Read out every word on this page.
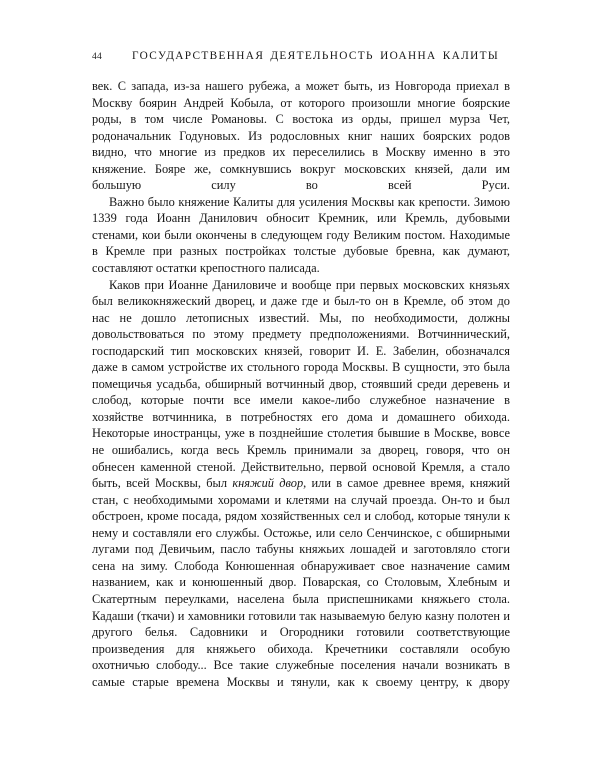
44	ГОСУДАРСТВЕННАЯ ДЕЯТЕЛЬНОСТЬ ИОАННА КАЛИТЫ

век. С запада, из-за нашего рубежа, а может быть, из Новгорода приехал в Москву боярин Андрей Кобыла, от которого произошли многие боярские роды, в том числе Романовы. С востока из орды, пришел мурза Чет, родоначальник Годуновых. Из родословных книг наших боярских родов видно, что многие из предков их переселились в Москву именно в это княжение. Бояре же, сомкнувшись вокруг московских князей, дали им большую силу во всей Руси.

Важно было княжение Калиты для усиления Москвы как крепости. Зимою 1339 года Иоанн Данилович обносит Кремник, или Кремль, дубовыми стенами, кои были окончены в следующем году Великим постом. Находимые в Кремле при разных постройках толстые дубовые бревна, как думают, составляют остатки крепостного палисада.

Каков при Иоанне Даниловиче и вообще при первых московских князьях был великокняжеский дворец, и даже где и был-то он в Кремле, об этом до нас не дошло летописных известий. Мы, по необходимости, должны довольствоваться по этому предмету предположениями. Вотчиннический, господарский тип московских князей, говорит И. Е. Забелин, обозначался даже в самом устройстве их стольного города Москвы. В сущности, это была помещичья усадьба, обширный вотчинный двор, стоявший среди деревень и слобод, которые почти все имели какое-либо служебное назначение в хозяйстве вотчинника, в потребностях его дома и домашнего обихода. Некоторые иностранцы, уже в позднейшие столетия бывшие в Москве, вовсе не ошибались, когда весь Кремль принимали за дворец, говоря, что он обнесен каменной стеной. Действительно, первой основой Кремля, а стало быть, всей Москвы, был княжий двор, или в самое древнее время, княжий стан, с необходимыми хоромами и клетями на случай проезда. Он-то и был обстроен, кроме посада, рядом хозяйственных сел и слобод, которые тянули к нему и составляли его службы. Остожье, или село Сенчинское, с обширными лугами под Девичьим, пасло табуны княжьих лошадей и заготовляло стоги сена на зиму. Слобода Конюшенная обнаруживает свое назначение самим названием, как и конюшенный двор. Поварская, со Столовым, Хлебным и Скатертным переулками, населена была приспешниками княжьего стола. Кадаши (ткачи) и хамовники готовили так называемую белую казну полотен и другого белья. Садовники и Огородники готовили соответствующие произведения для княжьего обихода. Кречетники составляли особую охотничью слободу... Все такие служебные поселения начали возникать в самые старые времена Москвы и тянули, как к своему центру, к двору
